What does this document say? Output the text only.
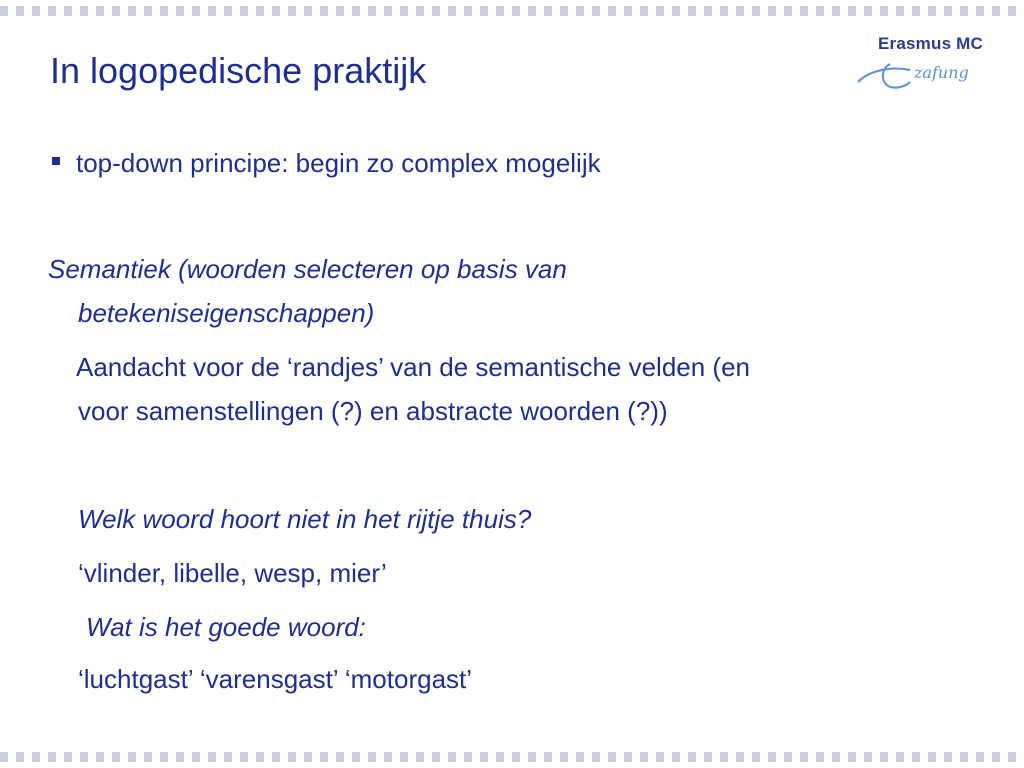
In logopedische praktijk
Erasmus MC
zafung
top-down principe: begin zo complex mogelijk
Semantiek (woorden selecteren op basis van
betekeniseigenschappen)
Aandacht voor de ‘randjes’ van de semantische velden (en
voor samenstellingen (?) en abstracte woorden (?))
Welk woord hoort niet in het rijtje thuis?
‘vlinder, libelle, wesp, mier’
Wat is het goede woord:
‘luchtgast’ ‘varensgast’ ‘motorgast’
